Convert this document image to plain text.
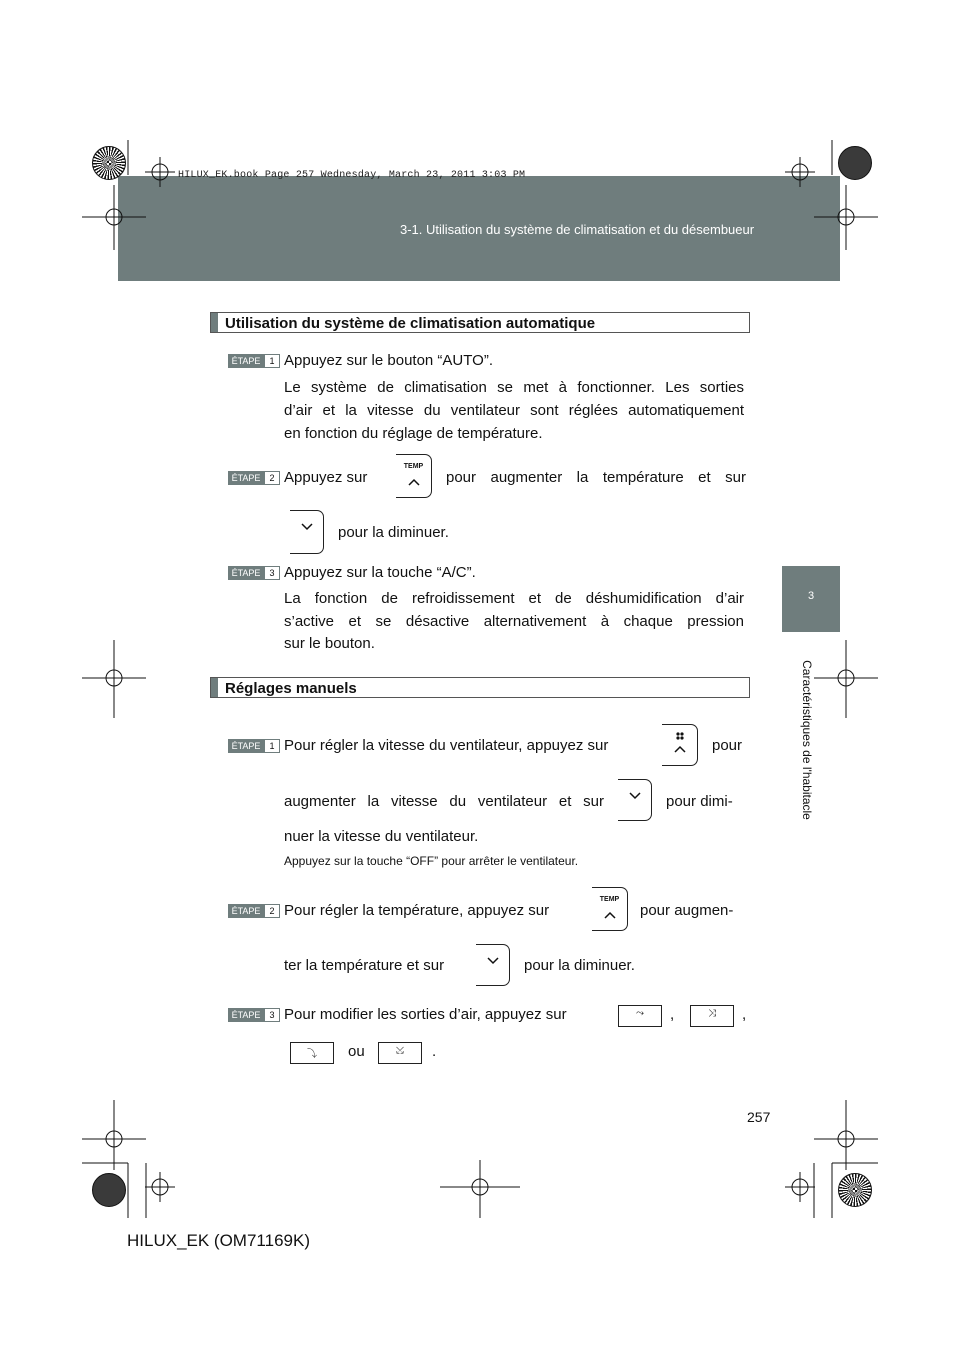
HILUX_EK.book Page 257 Wednesday, March 23, 2011 3:03 PM
3-1. Utilisation du système de climatisation et du désembueur
3
Caractéristiques de l'habitacle
Utilisation du système de climatisation automatique
ÉTAPE	1 Appuyez sur le bouton “AUTO”.
Le système de climatisation se met à fonctionner. Les sorties
d’air et la vitesse du ventilateur sont réglées automatiquement
en fonction du réglage de température.
ÉTAPE	2 Appuyez sur
TEMP
pour augmenter la température et sur
pour la diminuer.
ÉTAPE	3 Appuyez sur la touche “A/C”.
La fonction de refroidissement et de déshumidification d’air
s’active et se désactive alternativement à chaque pression
sur le bouton.
Réglages manuels
ÉTAPE	1 Pour régler la vitesse du ventilateur, appuyez sur	pour
augmenter la vitesse du ventilateur et sur	pour dimi-
nuer la vitesse du ventilateur.
Appuyez sur la touche “OFF” pour arrêter le ventilateur.
ÉTAPE	2 Pour régler la température, appuyez sur
TEMP
pour augmen-
ter la température et sur	pour la diminuer.
ÉTAPE	3 Pour modifier les sorties d’air, appuyez sur	⤳	,	⤨	,
⤵	ou	⤩	.
257
HILUX_EK (OM71169K)
